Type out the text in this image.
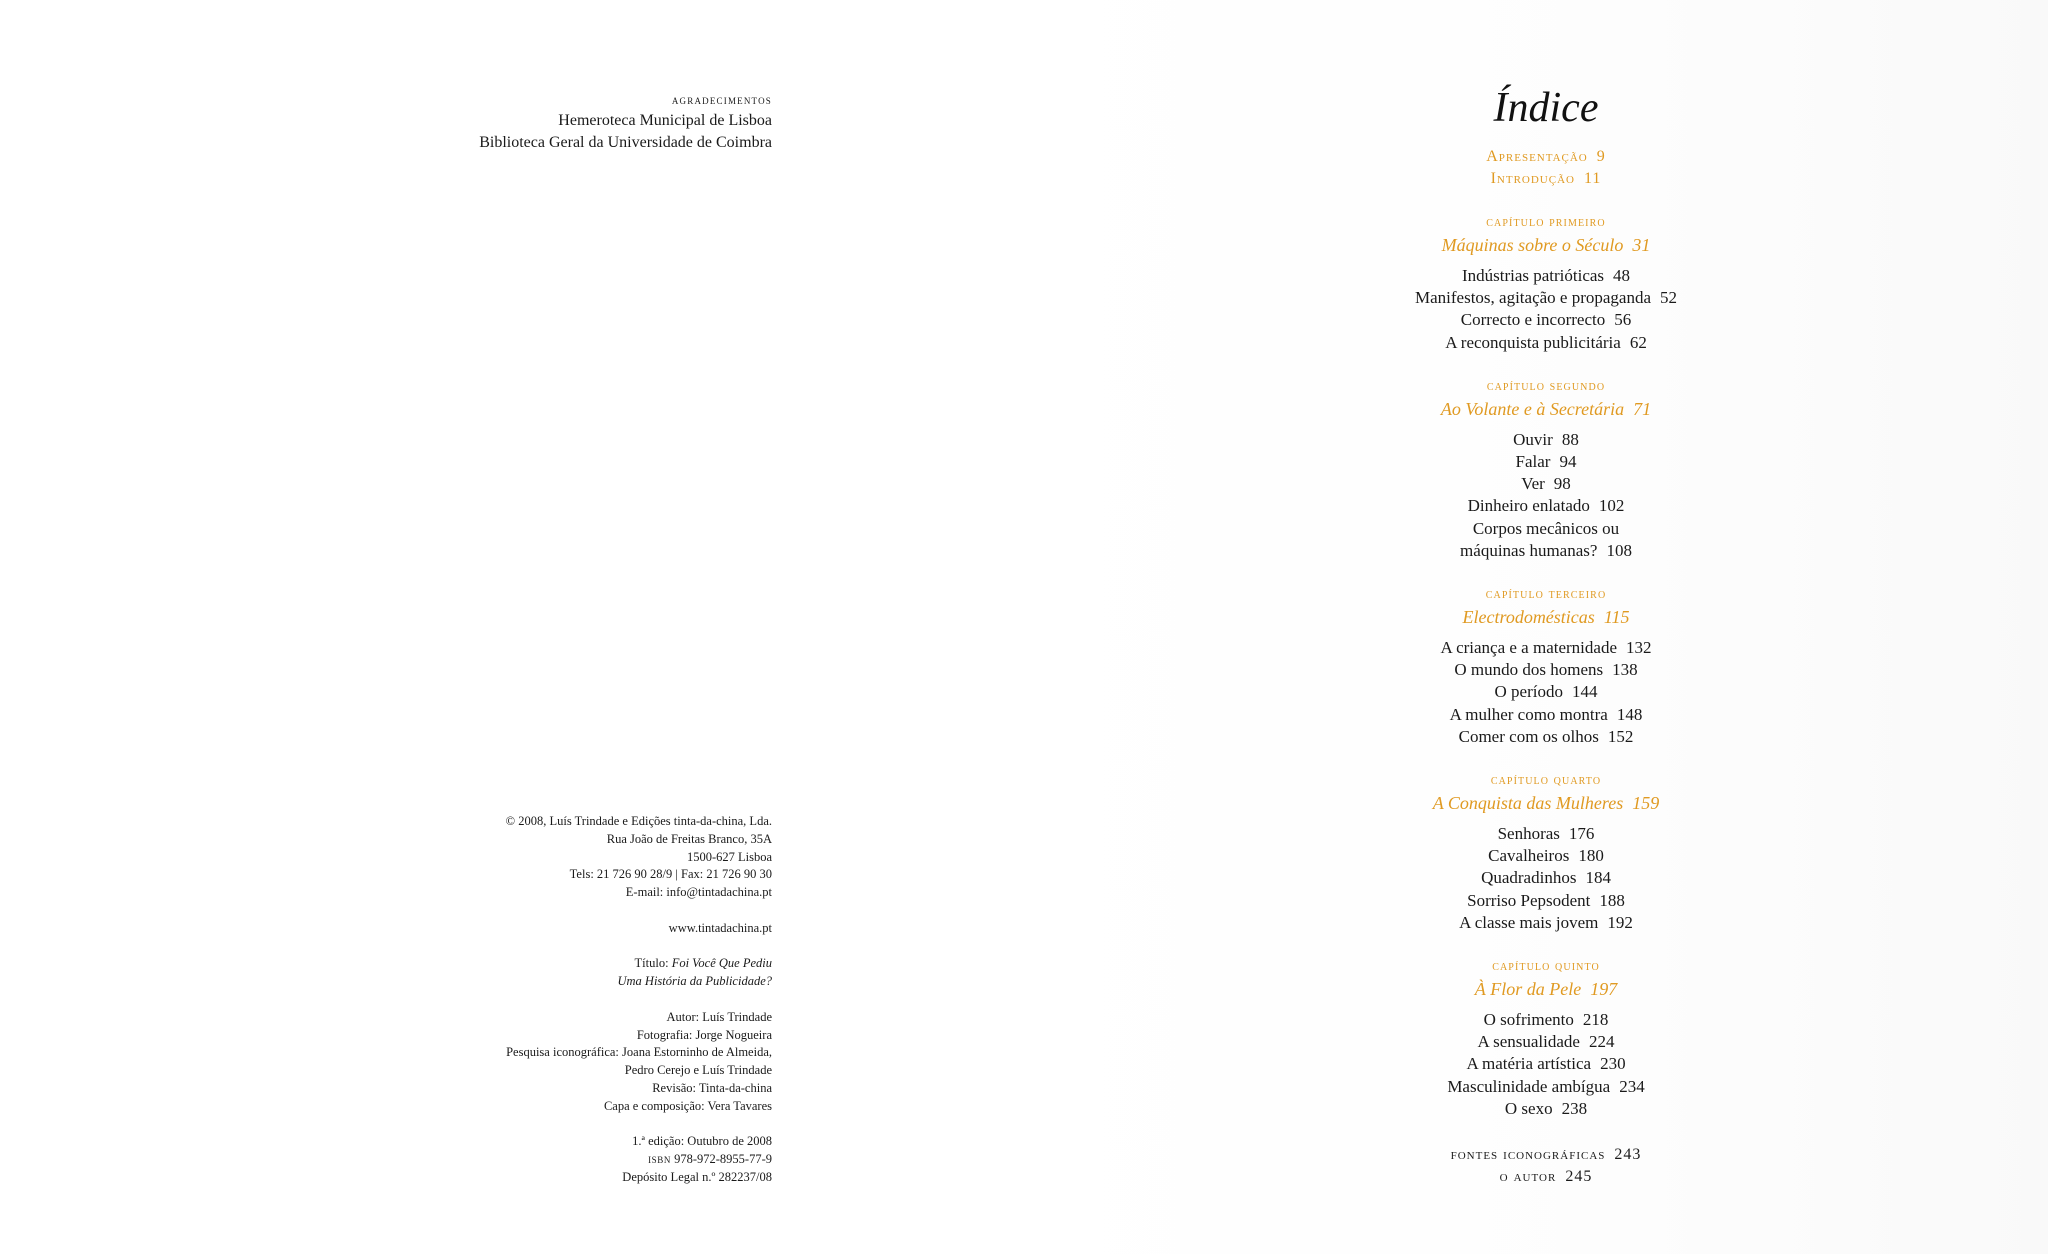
agradecimentos
Hemeroteca Municipal de Lisboa
Biblioteca Geral da Universidade de Coimbra
© 2008, Luís Trindade e Edições tinta-da-china, Lda.
Rua João de Freitas Branco, 35A
1500-627 Lisboa
Tels: 21 726 90 28/9 | Fax: 21 726 90 30
E-mail: info@tintadachina.pt
www.tintadachina.pt
Título: Foi Você Que Pediu
Uma História da Publicidade?
Autor: Luís Trindade
Fotografia: Jorge Nogueira
Pesquisa iconográfica: Joana Estorninho de Almeida,
Pedro Cerejo e Luís Trindade
Revisão: Tinta-da-china
Capa e composição: Vera Tavares
1.ª edição: Outubro de 2008
isbn 978-972-8955-77-9
Depósito Legal n.º 282237/08
Índice
Apresentação 9
Introdução 11
capítulo primeiro
Máquinas sobre o Século 31
Indústrias patrióticas 48
Manifestos, agitação e propaganda 52
Correcto e incorrecto 56
A reconquista publicitária 62
capítulo segundo
Ao Volante e à Secretária 71
Ouvir 88
Falar 94
Ver 98
Dinheiro enlatado 102
Corpos mecânicos ou
máquinas humanas? 108
capítulo terceiro
Electrodomésticas 115
A criança e a maternidade 132
O mundo dos homens 138
O período 144
A mulher como montra 148
Comer com os olhos 152
capítulo quarto
A Conquista das Mulheres 159
Senhoras 176
Cavalheiros 180
Quadradinhos 184
Sorriso Pepsodent 188
A classe mais jovem 192
capítulo quinto
À Flor da Pele 197
O sofrimento 218
A sensualidade 224
A matéria artística 230
Masculinidade ambígua 234
O sexo 238
fontes iconográficas 243
o autor 245
